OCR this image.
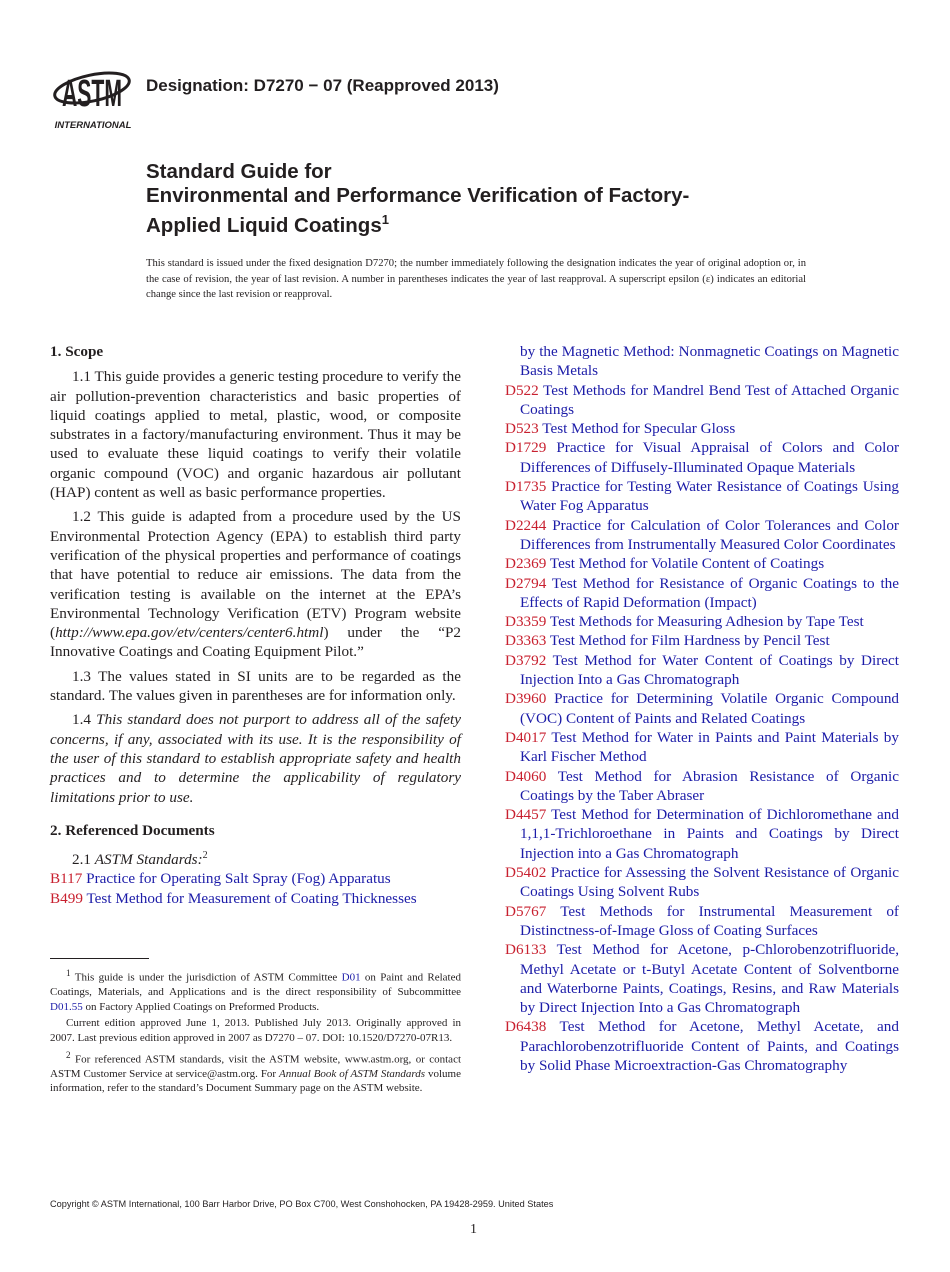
ASTM
INTERNATIONAL
Designation: D7270 − 07 (Reapproved 2013)
Standard Guide for
Environmental and Performance Verification of Factory-
Applied Liquid Coatings$^1$
This standard is issued under the fixed designation D7270; the number immediately following the designation indicates the year of original adoption or, in the case of revision, the year of last revision. A number in parentheses indicates the year of last reapproval. A superscript epsilon (ε) indicates an editorial change since the last revision or reapproval.
1. Scope

1.1 This guide provides a generic testing procedure to verify the air pollution-prevention characteristics and basic properties of liquid coatings applied to metal, plastic, wood, or composite substrates in a factory/manufacturing environment. Thus it may be used to evaluate these liquid coatings to verify their volatile organic compound (VOC) and organic hazardous air pollutant (HAP) content as well as basic performance properties.

1.2 This guide is adapted from a procedure used by the US Environmental Protection Agency (EPA) to establish third party verification of the physical properties and performance of coatings that have potential to reduce air emissions. The data from the verification testing is available on the internet at the EPA’s Environmental Technology Verification (ETV) Program website (http://www.epa.gov/etv/centers/center6.html) under the “P2 Innovative Coatings and Coating Equipment Pilot.”

1.3 The values stated in SI units are to be regarded as the standard. The values given in parentheses are for information only.

1.4 This standard does not purport to address all of the safety concerns, if any, associated with its use. It is the responsibility of the user of this standard to establish appropriate safety and health practices and to determine the applicability of regulatory limitations prior to use.

2. Referenced Documents

2.1 ASTM Standards:$^2$

B117 Practice for Operating Salt Spray (Fog) Apparatus
B499 Test Method for Measurement of Coating Thicknesses
by the Magnetic Method: Nonmagnetic Coatings on Magnetic Basis Metals
D522 Test Methods for Mandrel Bend Test of Attached Organic Coatings
D523 Test Method for Specular Gloss
D1729 Practice for Visual Appraisal of Colors and Color Differences of Diffusely-Illuminated Opaque Materials
D1735 Practice for Testing Water Resistance of Coatings Using Water Fog Apparatus
D2244 Practice for Calculation of Color Tolerances and Color Differences from Instrumentally Measured Color Coordinates
D2369 Test Method for Volatile Content of Coatings
D2794 Test Method for Resistance of Organic Coatings to the Effects of Rapid Deformation (Impact)
D3359 Test Methods for Measuring Adhesion by Tape Test
D3363 Test Method for Film Hardness by Pencil Test
D3792 Test Method for Water Content of Coatings by Direct Injection Into a Gas Chromatograph
D3960 Practice for Determining Volatile Organic Compound (VOC) Content of Paints and Related Coatings
D4017 Test Method for Water in Paints and Paint Materials by Karl Fischer Method
D4060 Test Method for Abrasion Resistance of Organic Coatings by the Taber Abraser
D4457 Test Method for Determination of Dichloromethane and 1,1,1-Trichloroethane in Paints and Coatings by Direct Injection into a Gas Chromatograph
D5402 Practice for Assessing the Solvent Resistance of Organic Coatings Using Solvent Rubs
D5767 Test Methods for Instrumental Measurement of Distinctness-of-Image Gloss of Coating Surfaces
D6133 Test Method for Acetone, p-Chlorobenzotrifluoride, Methyl Acetate or t-Butyl Acetate Content of Solventborne and Waterborne Paints, Coatings, Resins, and Raw Materials by Direct Injection Into a Gas Chromatograph
D6438 Test Method for Acetone, Methyl Acetate, and Parachlorobenzotrifluoride Content of Paints, and Coatings by Solid Phase Microextraction-Gas Chromatography

$^1$ This guide is under the jurisdiction of ASTM Committee D01 on Paint and Related Coatings, Materials, and Applications and is the direct responsibility of Subcommittee D01.55 on Factory Applied Coatings on Preformed Products.

Current edition approved June 1, 2013. Published July 2013. Originally approved in 2007. Last previous edition approved in 2007 as D7270 – 07. DOI: 10.1520/D7270-07R13.

$^2$ For referenced ASTM standards, visit the ASTM website, www.astm.org, or contact ASTM Customer Service at service@astm.org. For Annual Book of ASTM Standards volume information, refer to the standard’s Document Summary page on the ASTM website.

Copyright © ASTM International, 100 Barr Harbor Drive, PO Box C700, West Conshohocken, PA 19428-2959. United States
1
